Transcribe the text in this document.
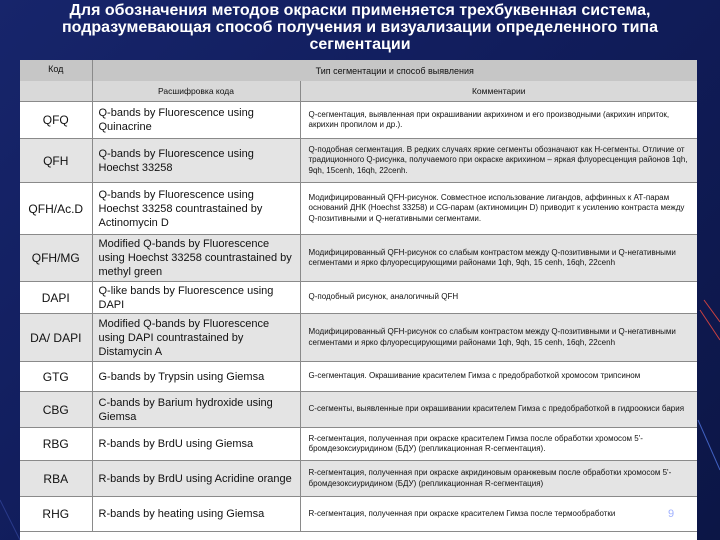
Для обозначения методов окраски применяется трехбуквенная система,
подразумевающая способ получения и визуализации определенного типа
сегментации
Код	Тип сегментации и способ выявления	
	Расшифровка кода	Комментарии
QFQ	Q-bands by Fluorescence using Quinacrine	Q-сегментация, выявленная при окрашивании акрихином и его производными (акрихин иприток, акрихин пропилом и др.).
QFH	Q-bands by Fluorescence using Hoechst 33258	Q-подобная сегментация. В редких случаях яркие сегменты обозначают как Н-сегменты. Отличие от традиционного Q-рисунка, получаемого при окраске акрихином – яркая флуоресценция районов 1qh, 9qh, 15cenh, 16qh, 22cenh.
QFH/Ac.D	Q-bands by Fluorescence using Hoechst 33258 countrastained by Actinomycin D	Модифицированный QFH-рисунок. Совместное использование лигандов, аффинных к АТ-парам оснований ДНК (Hoechst 33258) и CG-парам (актиномицин D) приводит к усилению контраста между Q-позитивными и Q-негативными сегментами.
QFH/MG	Modified Q-bands by Fluorescence using Hoechst 33258 countrastained by methyl green	Модифицированный QFH-рисунок со слабым контрастом между Q-позитивными и Q-негативными сегментами и ярко флуоресцирующими районами 1qh, 9qh, 15 cenh, 16qh, 22cenh
DAPI	Q-like bands by Fluorescence using DAPI	Q-подобный рисунок, аналогичный QFH
DA/ DAPI	Modified Q-bands by Fluorescence using DAPI countrastained by Distamycin A	Модифицированный QFH-рисунок со слабым контрастом между Q-позитивными и Q-негативными сегментами и ярко флуоресцирующими районами 1qh, 9qh, 15 cenh, 16qh, 22cenh
GTG	G-bands by Trypsin using Giemsa	G-сегментация. Окрашивание красителем Гимза с предобработкой хромосом трипсином
CBG	C-bands by Barium hydroxide using Giemsa	C-сегменты, выявленные при окрашивании красителем Гимза с предобработкой в гидроокиси бария
RBG	R-bands by BrdU using Giemsa	R-сегментация, полученная при окраске красителем Гимза после обработки хромосом 5'-бромдезоксиуридином (БДУ) (репликационная R-сегментация).
RBA	R-bands by BrdU using Acridine orange	R-сегментация, полученная при окраске акридиновым оранжевым после обработки хромосом 5'-бромдезоксиуридином (БДУ) (репликационная R-сегментация)
RHG	R-bands by heating using Giemsa	R-сегментация, полученная при окраске красителем Гимза после термообработки	9
